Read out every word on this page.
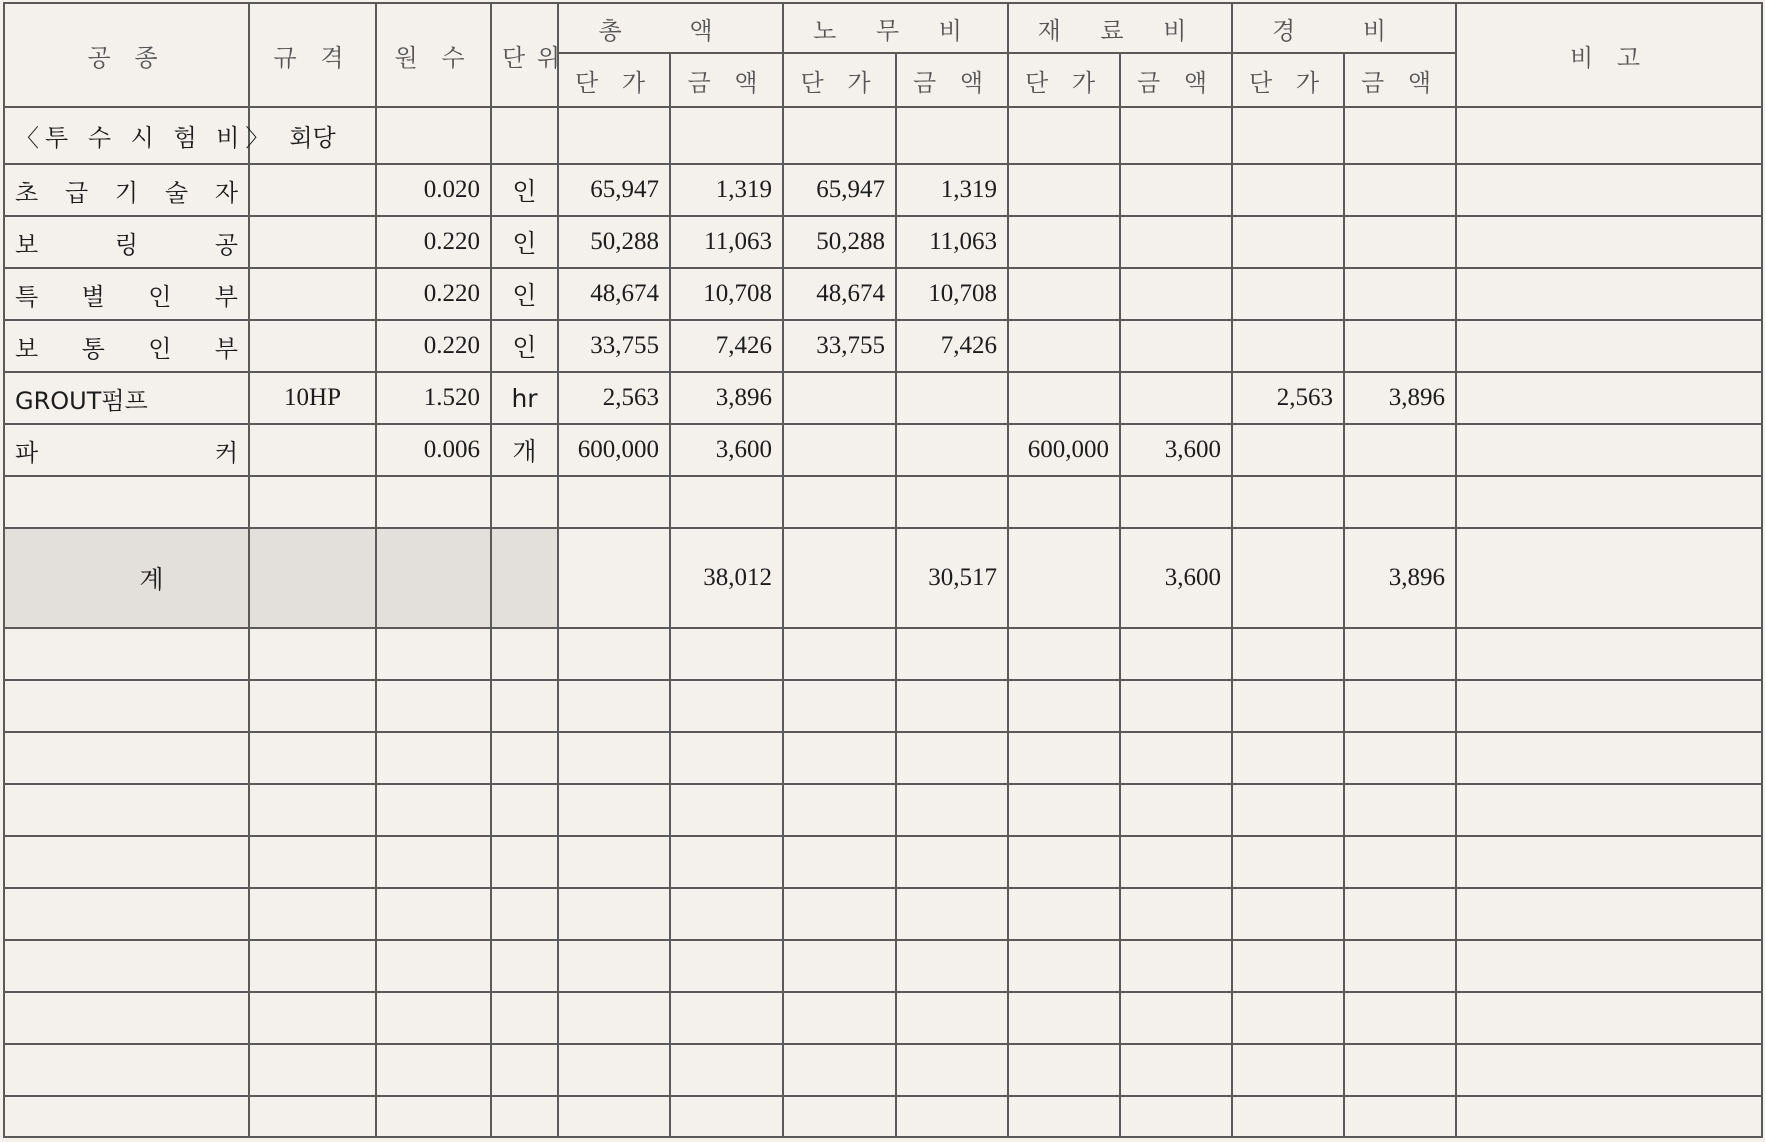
공 종	규 격	원 수	단 위	총 액		노 무 비		재 료 비		경 비		비 고
				단 가	금 액	단 가	금 액	단 가	금 액	단 가	금 액	
〈투 수 시 험 비〉	회당											

초 급 기 술 자		0.020	인	65,947	1,319	65,947	1,319					

보 링 공		0.220	인	50,288	11,063	50,288	11,063					

특 별 인 부		0.220	인	48,674	10,708	48,674	10,708					

보 통 인 부		0.220	인	33,755	7,426	33,755	7,426					
GROUT펌프	10HP	1.520	hr	2,563	3,896					2,563	3,896	

파 커		0.006	개	600,000	3,600			600,000	3,600			

계					38,012		30,517		3,600		3,896	
